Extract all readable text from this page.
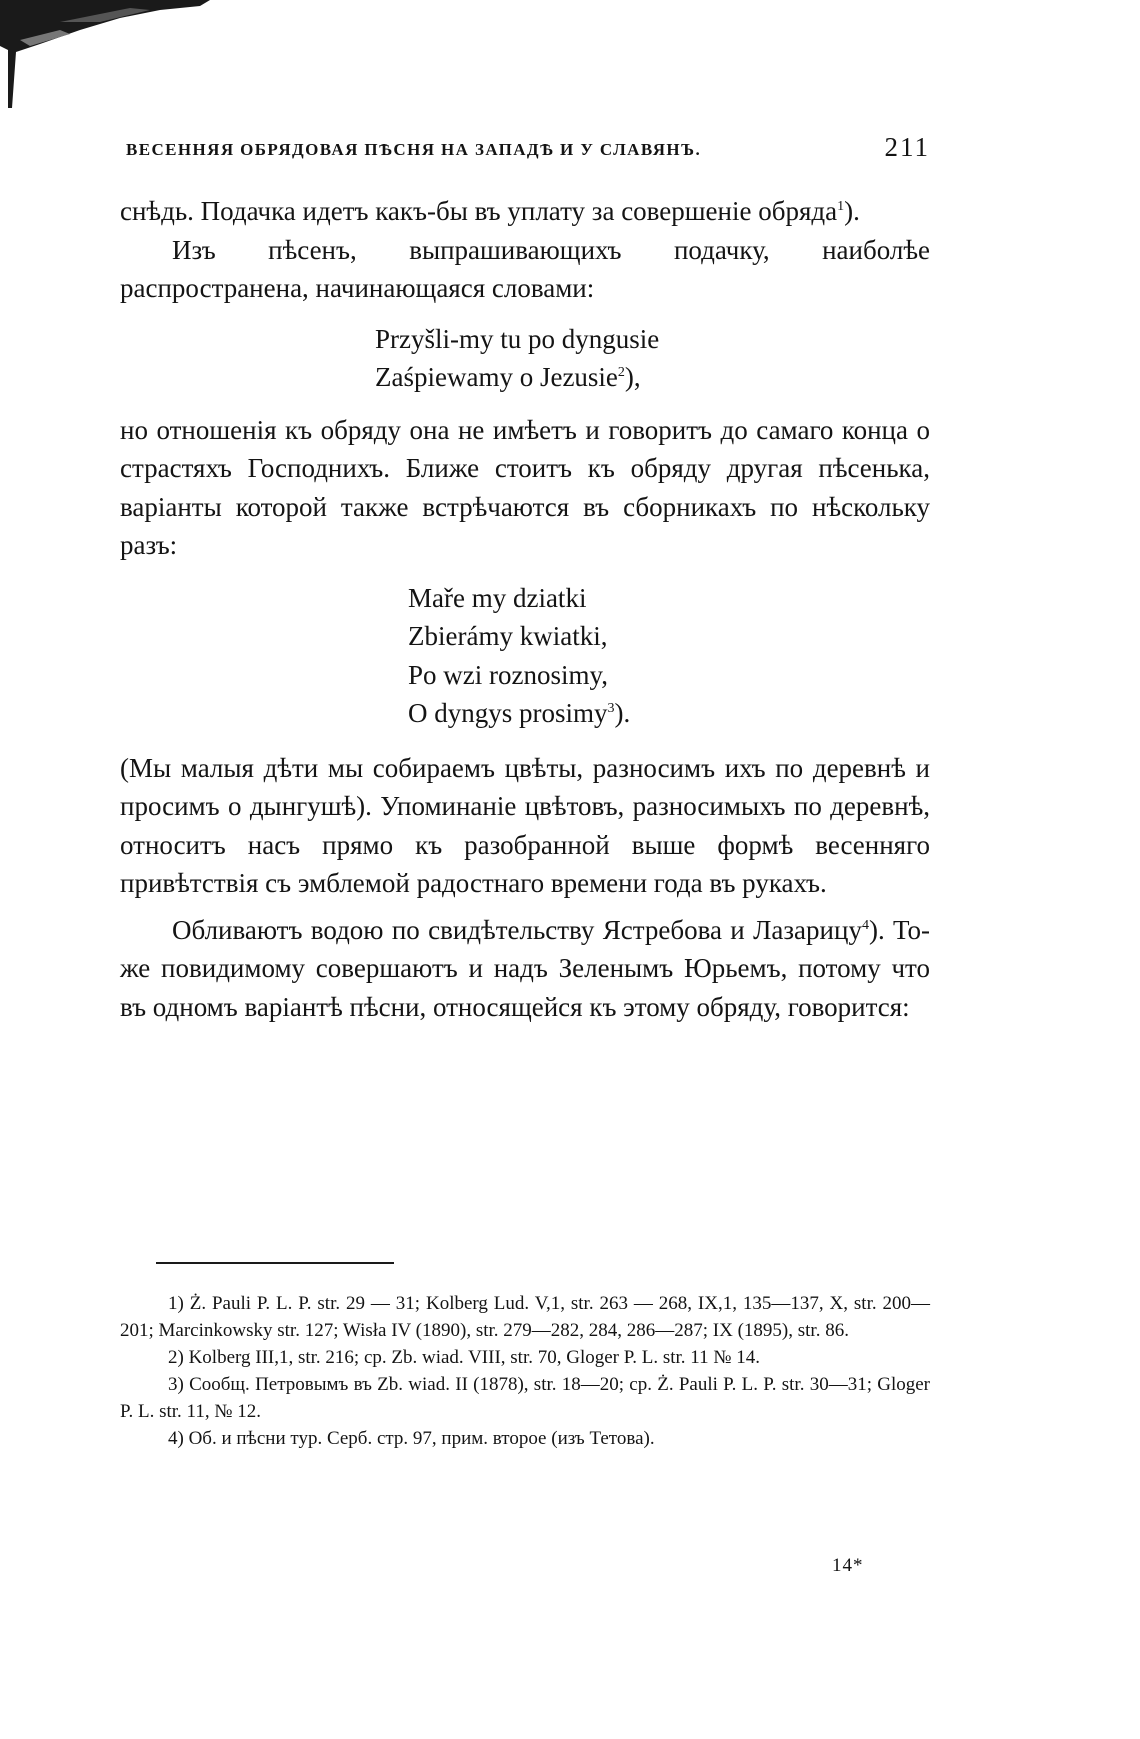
ВЕСЕННЯЯ ОБРЯДОВАЯ ПѢСНЯ НА ЗАПАДѢ И У СЛАВЯНЪ.	211

снѣдь. Подачка идетъ какъ-бы въ уплату за совершеніе обряда$^1$).

Изъ пѣсенъ, выпрашивающихъ подачку, наиболѣе распространена, начинающаяся словами:

Przyšli-my tu po dyngusie
Zaśpiewamy o Jezusie$^2$),

но отношенія къ обряду она не имѣетъ и говоритъ до самаго конца о страстяхъ Господнихъ. Ближе стоитъ къ обряду другая пѣсенька, варіанты которой также встрѣчаются въ сборникахъ по нѣскольку разъ:

Maře my dziatki
Zbierámy kwiatki,
Po wzi roznosimy,
O dyngys prosimy$^3$).

(Мы малыя дѣти мы собираемъ цвѣты, разносимъ ихъ по деревнѣ и просимъ о дынгушѣ). Упоминаніе цвѣтовъ, разносимыхъ по деревнѣ, относитъ насъ прямо къ разобранной выше формѣ весенняго привѣтствія съ эмблемой радостнаго времени года въ рукахъ.

Обливаютъ водою по свидѣтельству Ястребова и Лазарицу$^4$). То-же повидимому совершаютъ и надъ Зеленымъ Юрьемъ, потому что въ одномъ варіантѣ пѣсни, относящейся къ этому обряду, говорится:

1) Ż. Pauli P. L. P. str. 29 — 31; Kolberg Lud. V,1, str. 263 — 268, IX,1, 135—137, X, str. 200—201; Marcinkowsky str. 127; Wisła IV (1890), str. 279—282, 284, 286—287; IX (1895), str. 86.

2) Kolberg III,1, str. 216; ср. Zb. wiad. VIII, str. 70, Gloger P. L. str. 11 № 14.

3) Сообщ. Петровымъ въ Zb. wiad. II (1878), str. 18—20; ср. Ż. Pauli P. L. P. str. 30—31; Gloger P. L. str. 11, № 12.

4) Об. и пѣсни тур. Серб. стр. 97, прим. второе (изъ Тетова).

14*
